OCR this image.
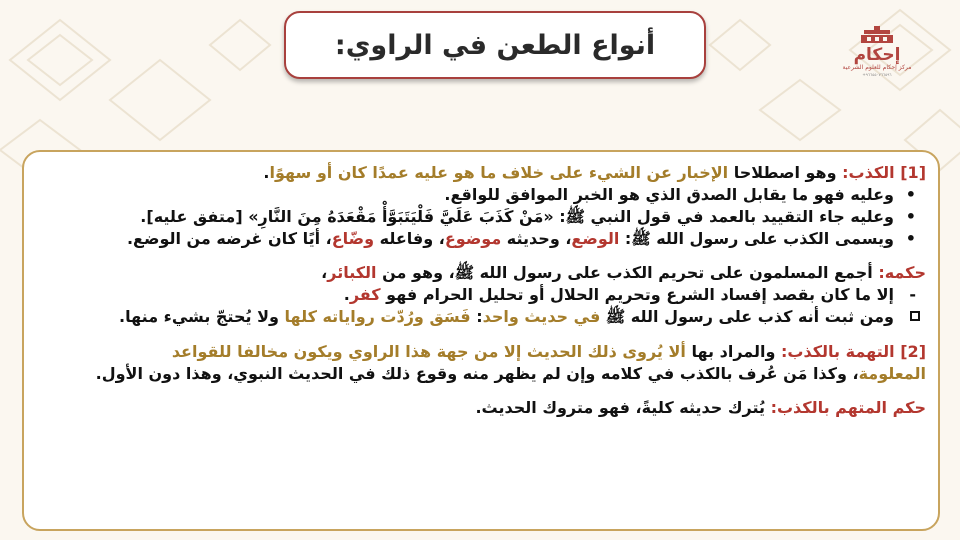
أنواع الطعن في الراوي:	إحكام
مركز إحكام للعلوم الشرعية
+٩٦٦٥٥٠٧٦٦٥٩٦
[1] الكذب: وهو اصطلاحا الإخبار عن الشيء على خلاف ما هو عليه عمدًا كان أو سهوًا.
•
وعليه فهو ما يقابل الصدق الذي هو الخبر الموافق للواقع.
•
وعليه جاء التقييد بالعمد في قول النبي ﷺ: «مَنْ كَذَبَ عَلَيَّ فَلْيَتَبَوَّأْ مَقْعَدَهُ مِنَ النَّارِ» [متفق عليه].
•
ويسمى الكذب على رسول الله ﷺ: الوضع، وحديثه موضوع، وفاعله وضّاع، أيًا كان غرضه من الوضع.
حكمه: أجمع المسلمون على تحريم الكذب على رسول الله ﷺ، وهو من الكبائر،
-
إلا ما كان بقصد إفساد الشرع وتحريم الحلال أو تحليل الحرام فهو كفر.
ومن ثبت أنه كذب على رسول الله ﷺ في حديث واحد: فَسَق ورُدّت رواياته كلها ولا يُحتجّ بشيء منها.
[2] التهمة بالكذب: والمراد بها ألا يُروى ذلك الحديث إلا من جهة هذا الراوي ويكون مخالفا للقواعد
المعلومة، وكذا مَن عُرف بالكذب في كلامه وإن لم يظهر منه وقوع ذلك في الحديث النبوي، وهذا دون الأول.
حكم المتهم بالكذب: يُترك حديثه كليةً، فهو متروك الحديث.
